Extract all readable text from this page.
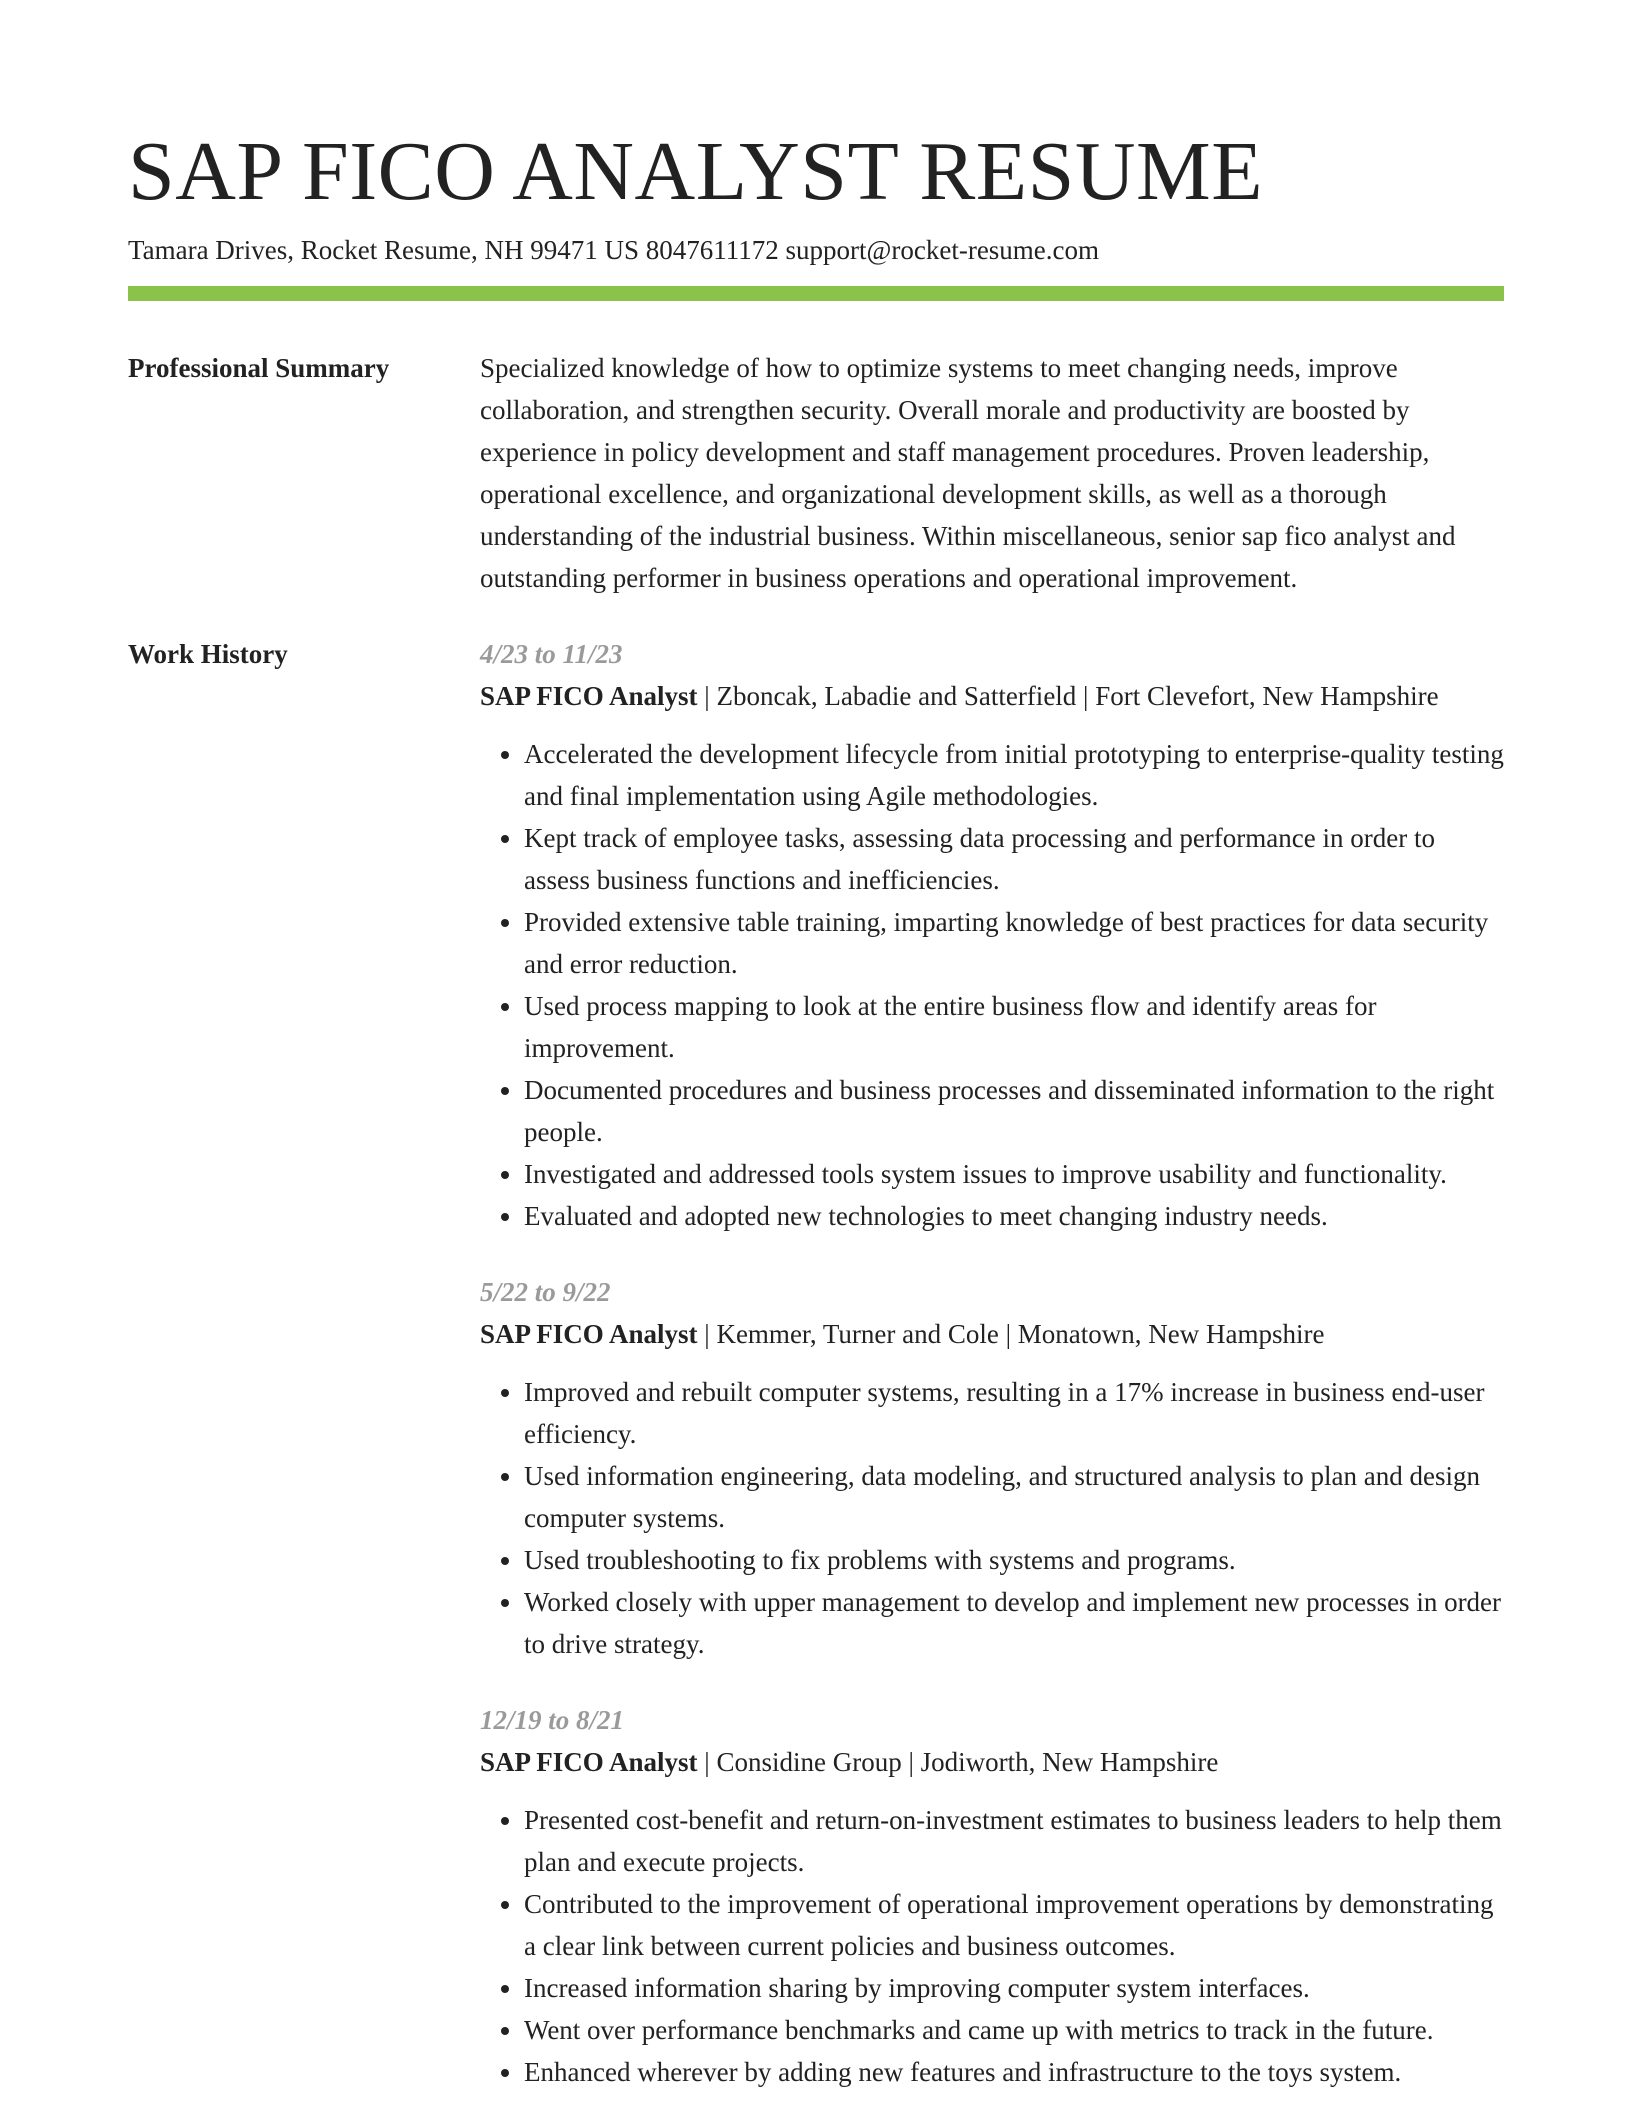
SAP FICO ANALYST RESUME
Tamara Drives, Rocket Resume, NH 99471 US 8047611172 support@rocket-resume.com
Professional Summary	Specialized knowledge of how to optimize systems to meet changing needs, improve collaboration, and strengthen security. Overall morale and productivity are boosted by experience in policy development and staff management procedures. Proven leadership, operational excellence, and organizational development skills, as well as a thorough understanding of the industrial business. Within miscellaneous, senior sap fico analyst and outstanding performer in business operations and operational improvement.

Work History	4/23 to 11/23
SAP FICO Analyst | Zboncak, Labadie and Satterfield | Fort Clevefort, New Hampshire
• Accelerated the development lifecycle from initial prototyping to enterprise-quality testing and final implementation using Agile methodologies.
• Kept track of employee tasks, assessing data processing and performance in order to assess business functions and inefficiencies.
• Provided extensive table training, imparting knowledge of best practices for data security and error reduction.
• Used process mapping to look at the entire business flow and identify areas for improvement.
• Documented procedures and business processes and disseminated information to the right people.
• Investigated and addressed tools system issues to improve usability and functionality.
• Evaluated and adopted new technologies to meet changing industry needs.
5/22 to 9/22
SAP FICO Analyst | Kemmer, Turner and Cole | Monatown, New Hampshire
• Improved and rebuilt computer systems, resulting in a 17% increase in business end-user efficiency.
• Used information engineering, data modeling, and structured analysis to plan and design computer systems.
• Used troubleshooting to fix problems with systems and programs.
• Worked closely with upper management to develop and implement new processes in order to drive strategy.
12/19 to 8/21
SAP FICO Analyst | Considine Group | Jodiworth, New Hampshire
• Presented cost-benefit and return-on-investment estimates to business leaders to help them plan and execute projects.
• Contributed to the improvement of operational improvement operations by demonstrating a clear link between current policies and business outcomes.
• Increased information sharing by improving computer system interfaces.
• Went over performance benchmarks and came up with metrics to track in the future.
• Enhanced wherever by adding new features and infrastructure to the toys system.
